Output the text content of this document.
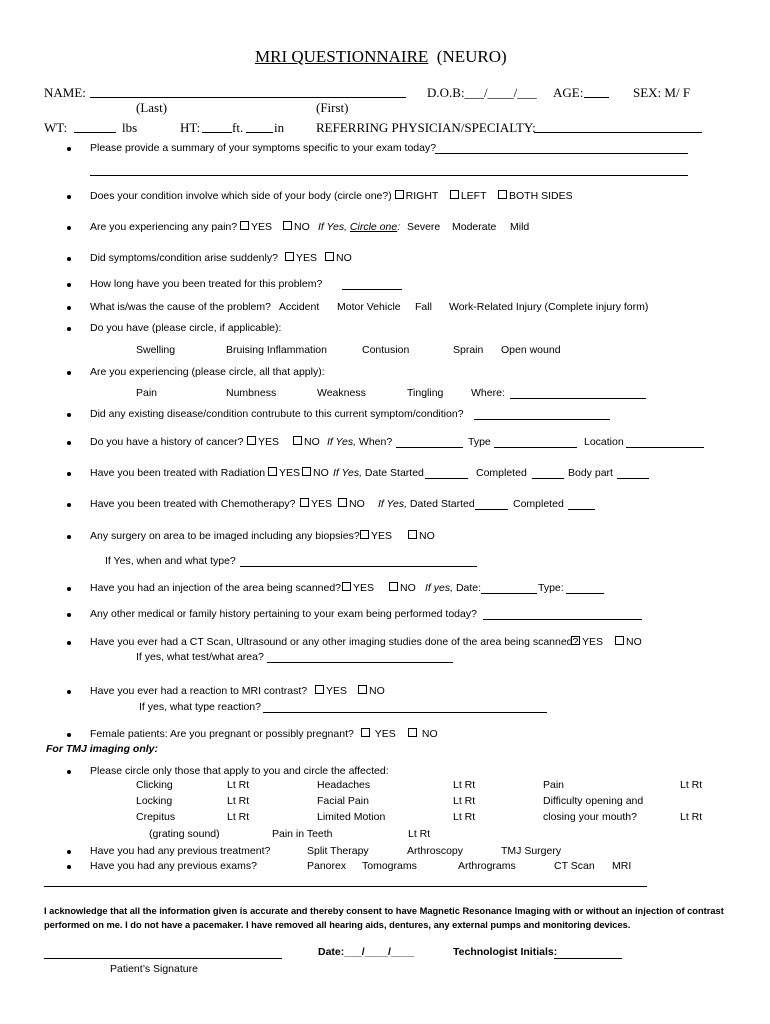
MRI QUESTIONNAIRE (NEURO)
NAME:	D.O.B:___/____/___ AGE:	SEX: M/ F
(Last)	(First)
WT:	lbs	HT: ft. in REFERRING PHYSICIAN/SPECIALTY:
Please provide a summary of your symptoms specific to your exam today?
Does your condition involve which side of your body (circle one?) RIGHT LEFT BOTH SIDES
Are you experiencing any pain?	YES	NO If Yes, Circle one: Severe Moderate Mild
Did symptoms/condition arise suddenly?	YES	NO
How long have you been treated for this problem?
What is/was the cause of the problem? Accident Motor Vehicle Fall Work-Related Injury (Complete injury form)
Do you have (please circle, if applicable):
Swelling	Bruising Inflammation	Contusion	Sprain Open wound
Are you experiencing (please circle, all that apply):
Pain	Numbness	Weakness	Tingling	Where:
Did any existing disease/condition contrubute to this current symptom/condition?
Do you have a history of cancer?	YES	NO If Yes, When?	Type	Location
Have you been treated with Radiation	YES	NO If Yes, Date Started	Completed	Body part
Have you been treated with Chemotherapy?	YES	NO If Yes, Dated Started	Completed
Any surgery on area to be imaged including any biopsies?	YES	NO
If Yes, when and what type?
Have you had an injection of the area being scanned?	YES	NO If yes, Date:	Type:
Any other medical or family history pertaining to your exam being performed today?
Have you ever had a CT Scan, Ultrasound or any other imaging studies done of the area being scanned? YES	NO
If yes, what test/what area?
Have you ever had a reaction to MRI contrast?	YES	NO
If yes, what type reaction?
Female patients: Are you pregnant or possibly pregnant?	YES	NO
For TMJ imaging only:
Please circle only those that apply to you and circle the affected:
Clicking	Lt Rt	Headaches	Lt Rt	Pain	Lt Rt
Locking	Lt Rt	Facial Pain	Lt Rt	Difficulty opening and
Crepitus	Lt Rt	Limited Motion	Lt Rt	closing your mouth?	Lt Rt
(grating sound)	Pain in Teeth	Lt Rt
Have you had any previous treatment?	Split Therapy	Arthroscopy	TMJ Surgery
Have you had any previous exams?	Panorex Tomograms	Arthrograms	CT Scan MRI
I acknowledge that all the information given is accurate and thereby consent to have Magnetic Resonance Imaging with or without an injection of contrast
performed on me. I do not have a pacemaker. I have removed all hearing aids, dentures, any external pumps and monitoring devices.
Date:___/____/____	Technologist Initials:
Patient’s Signature
